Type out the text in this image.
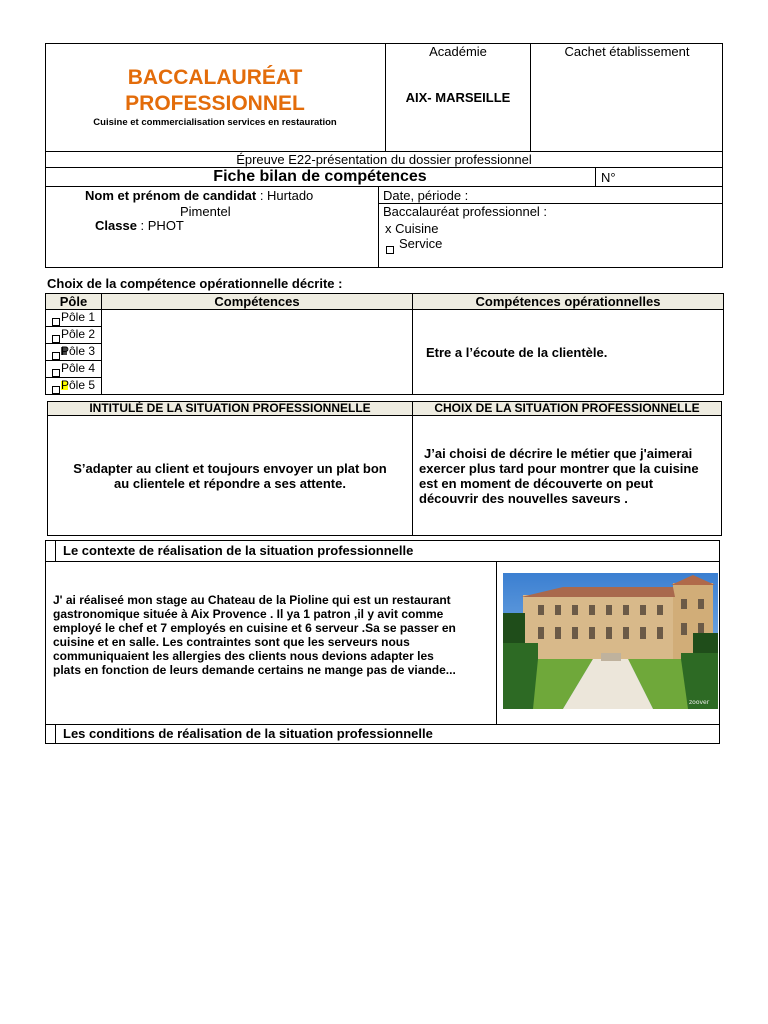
BACCALAURÉAT
PROFESSIONNEL
Cuisine et commercialisation services en restauration
Académie
AIX- MARSEILLE
Cachet établissement
Épreuve E22-présentation du dossier professionnel
Fiche bilan de compétences	N°
Nom et prénom de candidat : Hurtado
Pimentel
Classe : PHOT
Date, période :
Baccalauréat professionnel :
x Cuisine
Service
Choix de la compétence opérationnelle décrite :
Pôle	Compétences	Compétences opérationnelles
Pôle 1
Pôle 2
Pôle 3
Pôle 4
Pôle 5
Etre a l’écoute de la clientèle.
INTITULÉ DE LA SITUATION PROFESSIONNELLE	CHOIX DE LA SITUATION PROFESSIONNELLE
S’adapter au client et toujours envoyer un plat bon
au clientele et répondre a ses attente.
J’ai choisi de décrire le métier que j'aimerai
exercer plus tard pour montrer que la cuisine
est en moment de découverte on peut
découvrir des nouvelles saveurs .
Le contexte de réalisation de la situation professionnelle
J' ai réaliseé mon stage au Chateau de la Pioline qui est un restaurant
gastronomique située à Aix Provence . Il ya 1 patron ,il y avit comme
employé le chef et 7 employés en cuisine et 6 serveur .Sa se passer en
cuisine et en salle. Les contraintes sont que les serveurs nous
communiquaient les allergies des clients nous devions adapter les
plats en fonction de leurs demande certains ne mange pas de viande...
zoover
Les conditions de réalisation de la situation professionnelle
